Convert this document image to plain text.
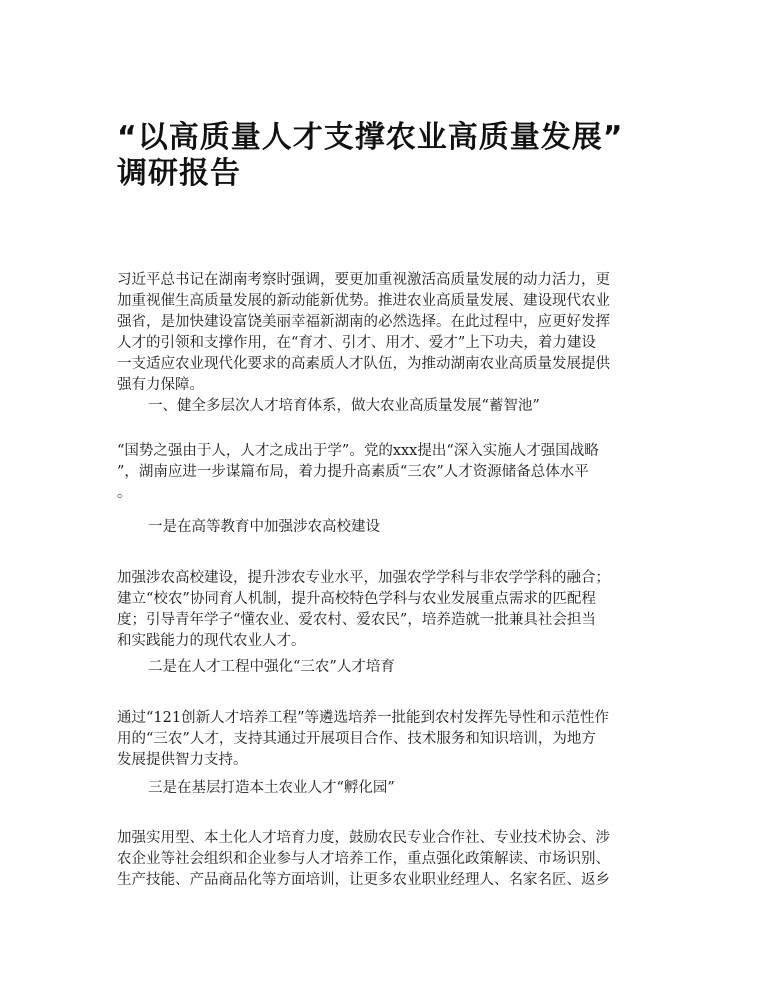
“以高质量人才支撑农业高质量发展”
调研报告

习近平总书记在湖南考察时强调，要更加重视激活高质量发展的动力活力，更
加重视催生高质量发展的新动能新优势。推进农业高质量发展、建设现代农业
强省，是加快建设富饶美丽幸福新湖南的必然选择。在此过程中，应更好发挥
人才的引领和支撑作用，在“育才、引才、用才、爱才”上下功夫，着力建设
一支适应农业现代化要求的高素质人才队伍，为推动湖南农业高质量发展提供
强有力保障。

一、健全多层次人才培育体系，做大农业高质量发展“蓄智池”

“国势之强由于人，人才之成出于学”。党的xxx提出“深入实施人才强国战略
”，湖南应进一步谋篇布局，着力提升高素质“三农”人才资源储备总体水平
。

一是在高等教育中加强涉农高校建设

加强涉农高校建设，提升涉农专业水平，加强农学学科与非农学学科的融合；
建立“校农”协同育人机制，提升高校特色学科与农业发展重点需求的匹配程
度；引导青年学子“懂农业、爱农村、爱农民”，培养造就一批兼具社会担当
和实践能力的现代农业人才。

二是在人才工程中强化“三农”人才培育

通过“121创新人才培养工程”等遴选培养一批能到农村发挥先导性和示范性作
用的“三农”人才，支持其通过开展项目合作、技术服务和知识培训，为地方
发展提供智力支持。

三是在基层打造本土农业人才“孵化园”

加强实用型、本土化人才培育力度，鼓励农民专业合作社、专业技术协会、涉
农企业等社会组织和企业参与人才培养工作，重点强化政策解读、市场识别、
生产技能、产品商品化等方面培训，让更多农业职业经理人、名家名匠、返乡
